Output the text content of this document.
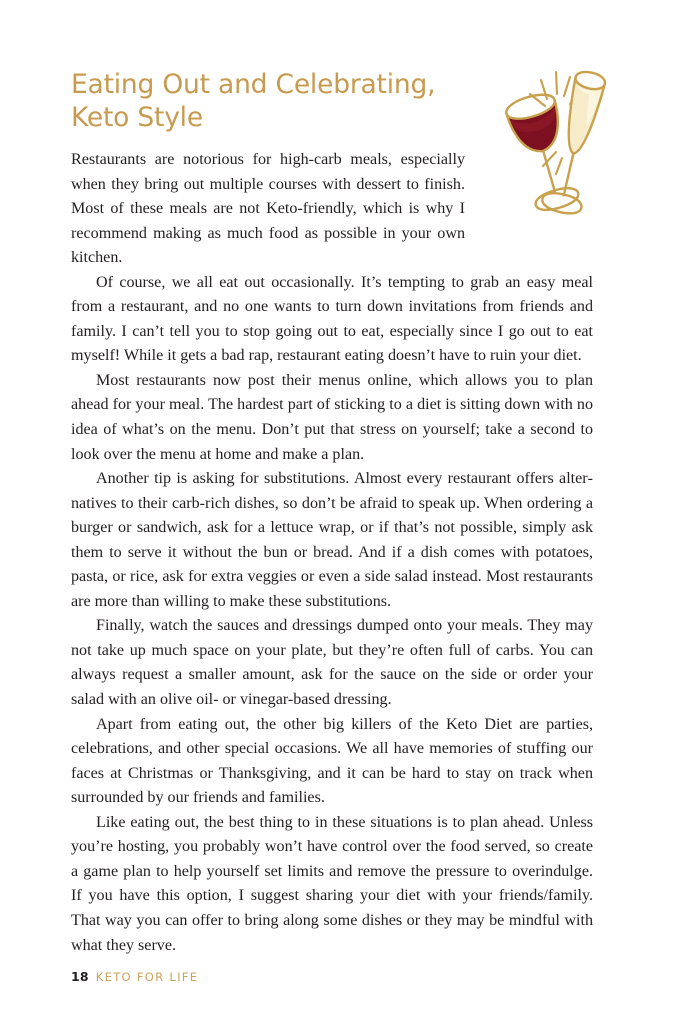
Eating Out and Celebrating,
Keto Style

Restaurants are notorious for high-carb meals, especially when they bring out multiple courses with dessert to finish. Most of these meals are not Keto-friendly, which is why I recommend making as much food as possible in your own kitchen.

Of course, we all eat out occasionally. It’s tempting to grab an easy meal from a restaurant, and no one wants to turn down invitations from friends and family. I can’t tell you to stop going out to eat, especially since I go out to eat myself! While it gets a bad rap, restaurant eating doesn’t have to ruin your diet.

Most restaurants now post their menus online, which allows you to plan ahead for your meal. The hardest part of sticking to a diet is sitting down with no idea of what’s on the menu. Don’t put that stress on yourself; take a second to look over the menu at home and make a plan.

Another tip is asking for substitutions. Almost every restaurant offers alternatives to their carb-rich dishes, so don’t be afraid to speak up. When ordering a burger or sandwich, ask for a lettuce wrap, or if that’s not possible, simply ask them to serve it without the bun or bread. And if a dish comes with potatoes, pasta, or rice, ask for extra veggies or even a side salad instead. Most restaurants are more than willing to make these substitutions.

Finally, watch the sauces and dressings dumped onto your meals. They may not take up much space on your plate, but they’re often full of carbs. You can always request a smaller amount, ask for the sauce on the side or order your salad with an olive oil- or vinegar-based dressing.

Apart from eating out, the other big killers of the Keto Diet are parties, celebrations, and other special occasions. We all have memories of stuffing our faces at Christmas or Thanksgiving, and it can be hard to stay on track when surrounded by our friends and families.

Like eating out, the best thing to in these situations is to plan ahead. Unless you’re hosting, you probably won’t have control over the food served, so create a game plan to help yourself set limits and remove the pressure to overindulge. If you have this option, I suggest sharing your diet with your friends/family. That way you can offer to bring along some dishes or they may be mindful with what they serve.

18 KETO FOR LIFE
